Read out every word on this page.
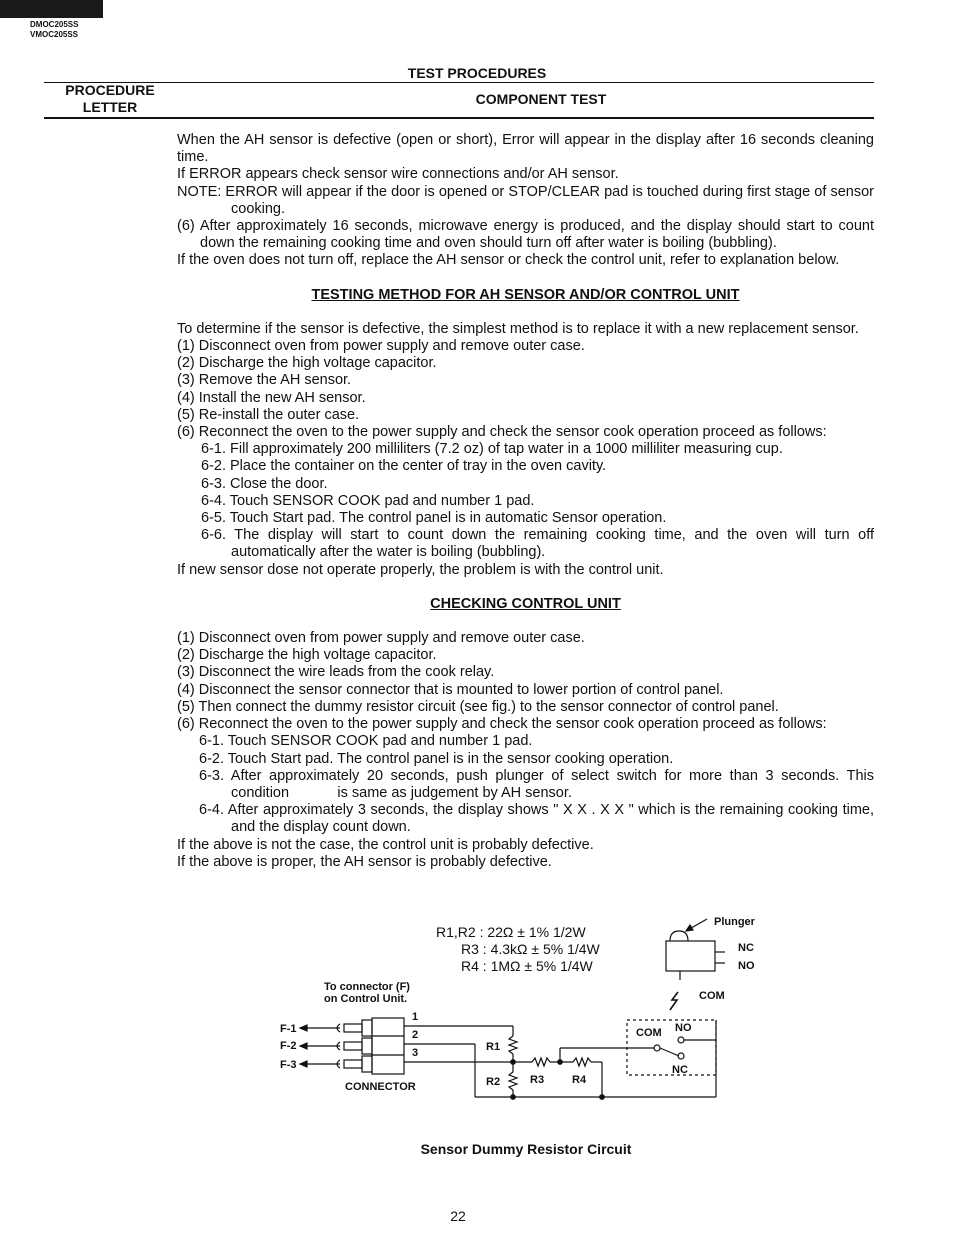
DMOC205SS
VMOC205SS
TEST PROCEDURES
PROCEDURE LETTER	COMPONENT TEST

When the AH sensor is defective (open or short), Error will appear in the display after 16 seconds cleaning time.

If ERROR appears check sensor wire connections and/or AH sensor.

NOTE: ERROR will appear if the door is opened or STOP/CLEAR pad is touched during first stage of sensor cooking.

(6) After approximately 16 seconds, microwave energy is produced, and the display should start to count down the remaining cooking time and oven should turn off after water is boiling (bubbling).

If the oven does not turn off, replace the AH sensor or check the control unit, refer to explanation below.

TESTING METHOD FOR AH SENSOR AND/OR CONTROL UNIT

To determine if the sensor is defective, the simplest method is to replace it with a new replacement sensor.

(1) Disconnect oven from power supply and remove outer case.

(2) Discharge the high voltage capacitor.

(3) Remove the AH sensor.

(4) Install the new AH sensor.

(5) Re-install the outer case.

(6) Reconnect the oven to the power supply and check the sensor cook operation proceed as follows:

6-1. Fill approximately 200 milliliters (7.2 oz) of tap water in a 1000 milliliter measuring cup.

6-2. Place the container on the center of tray in the oven cavity.

6-3. Close the door.

6-4. Touch SENSOR COOK pad and number 1 pad.

6-5. Touch Start pad. The control panel is in automatic Sensor operation.

6-6. The display will start to count down the remaining cooking time, and the oven will turn off automatically after the water is boiling (bubbling).

If new sensor dose not operate properly, the problem is with the control unit.

CHECKING CONTROL UNIT

(1) Disconnect oven from power supply and remove outer case.

(2) Discharge the high voltage capacitor.

(3) Disconnect the wire leads from the cook relay.

(4) Disconnect the sensor connector that is mounted to lower portion of control panel.

(5) Then connect the dummy resistor circuit (see fig.) to the sensor connector of control panel.

(6) Reconnect the oven to the power supply and check the sensor cook operation proceed as follows:

6-1. Touch SENSOR COOK pad and number 1 pad.

6-2. Touch Start pad. The control panel is in the sensor cooking operation.

6-3. After approximately 20 seconds, push plunger of select switch for more than 3 seconds. This condition            is same as judgement by AH sensor.

6-4. After approximately 3 seconds, the display shows " X X . X X " which is the remaining cooking time, and the display count down.

If the above is not the case, the control unit is probably defective.

If the above is proper, the AH sensor is probably defective.

R1,R2 : 22Ω ± 1% 1/2W
R3 : 4.3kΩ ± 5% 1/4W
R4 : 1MΩ ± 5% 1/4W
To connector (F)
on Control Unit.
F-1
F-2
F-3
1
2
3
CONNECTOR
R1
R2	R3	R4
Plunger
NC
NO
COM
COM NO
NC
Sensor Dummy Resistor Circuit
22
